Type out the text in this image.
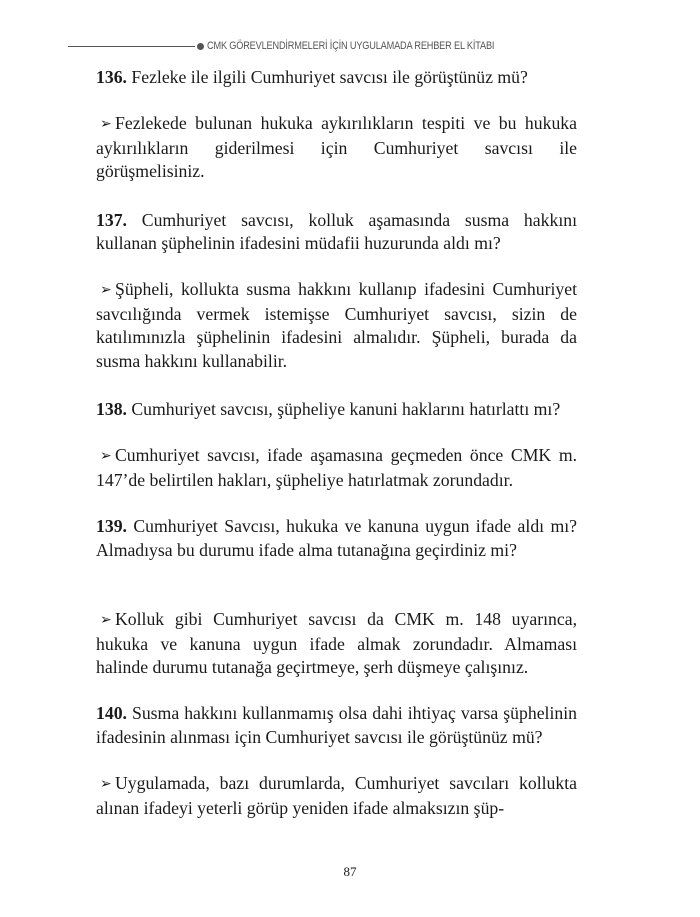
CMK GÖREVLENDİRMELERİ İÇİN UYGULAMADA REHBER EL KİTABI

136. Fezleke ile ilgili Cumhuriyet savcısı ile görüştünüz mü?

➢ Fezlekede bulunan hukuka aykırılıkların tespiti ve bu hukuka aykırılıkların giderilmesi için Cumhuriyet savcısı ile görüşmelisiniz.

137. Cumhuriyet savcısı, kolluk aşamasında susma hakkını kullanan şüphelinin ifadesini müdafii huzurunda aldı mı?

➢ Şüpheli, kollukta susma hakkını kullanıp ifadesini Cumhuriyet savcılığında vermek istemişse Cumhuriyet savcısı, sizin de katılımınızla şüphelinin ifadesini almalıdır. Şüpheli, burada da susma hakkını kullanabilir.

138. Cumhuriyet savcısı, şüpheliye kanuni haklarını hatırlattı mı?

➢ Cumhuriyet savcısı, ifade aşamasına geçmeden önce CMK m. 147’de belirtilen hakları, şüpheliye hatırlatmak zorundadır.

139. Cumhuriyet Savcısı, hukuka ve kanuna uygun ifade aldı mı? Almadıysa bu durumu ifade alma tutanağına geçirdiniz mi?

➢ Kolluk gibi Cumhuriyet savcısı da CMK m. 148 uyarınca, hukuka ve kanuna uygun ifade almak zorundadır. Almaması halinde durumu tutanağa geçirtmeye, şerh düşmeye çalışınız.

140. Susma hakkını kullanmamış olsa dahi ihtiyaç varsa şüphelinin ifadesinin alınması için Cumhuriyet savcısı ile görüştünüz mü?

➢ Uygulamada, bazı durumlarda, Cumhuriyet savcıları kollukta alınan ifadeyi yeterli görüp yeniden ifade almaksızın şüp-

87
